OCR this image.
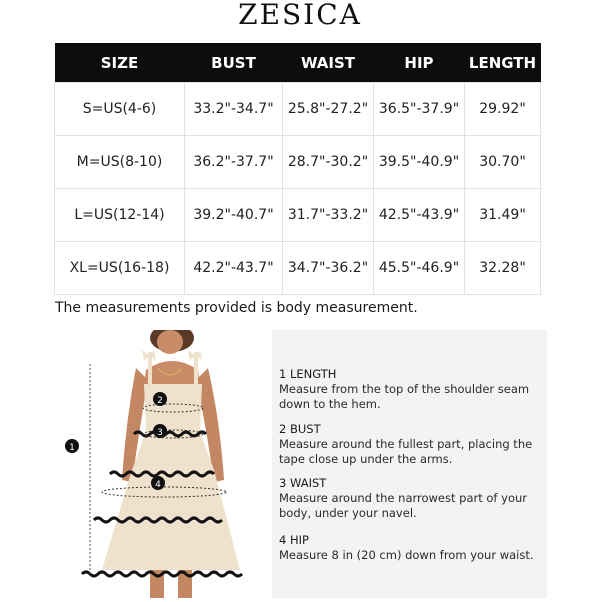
ZESICA
SIZE	BUST	WAIST	HIP	LENGTH
S=US(4-6)	33.2"-34.7"	25.8"-27.2"	36.5"-37.9"	29.92"
M=US(8-10)	36.2"-37.7"	28.7"-30.2"	39.5"-40.9"	30.70"
L=US(12-14)	39.2"-40.7"	31.7"-33.2"	42.5"-43.9"	31.49"
XL=US(16-18)	42.2"-43.7"	34.7"-36.2"	45.5"-46.9"	32.28"
The measurements provided is body measurement.
1
2
3
4
1 LENGTH
Measure from the top of the shoulder seam down to the hem.
2 BUST
Measure around the fullest part, placing the tape close up under the arms.
3 WAIST
Measure around the narrowest part of your body, under your navel.
4 HIP
Measure 8 in (20 cm) down from your waist.
